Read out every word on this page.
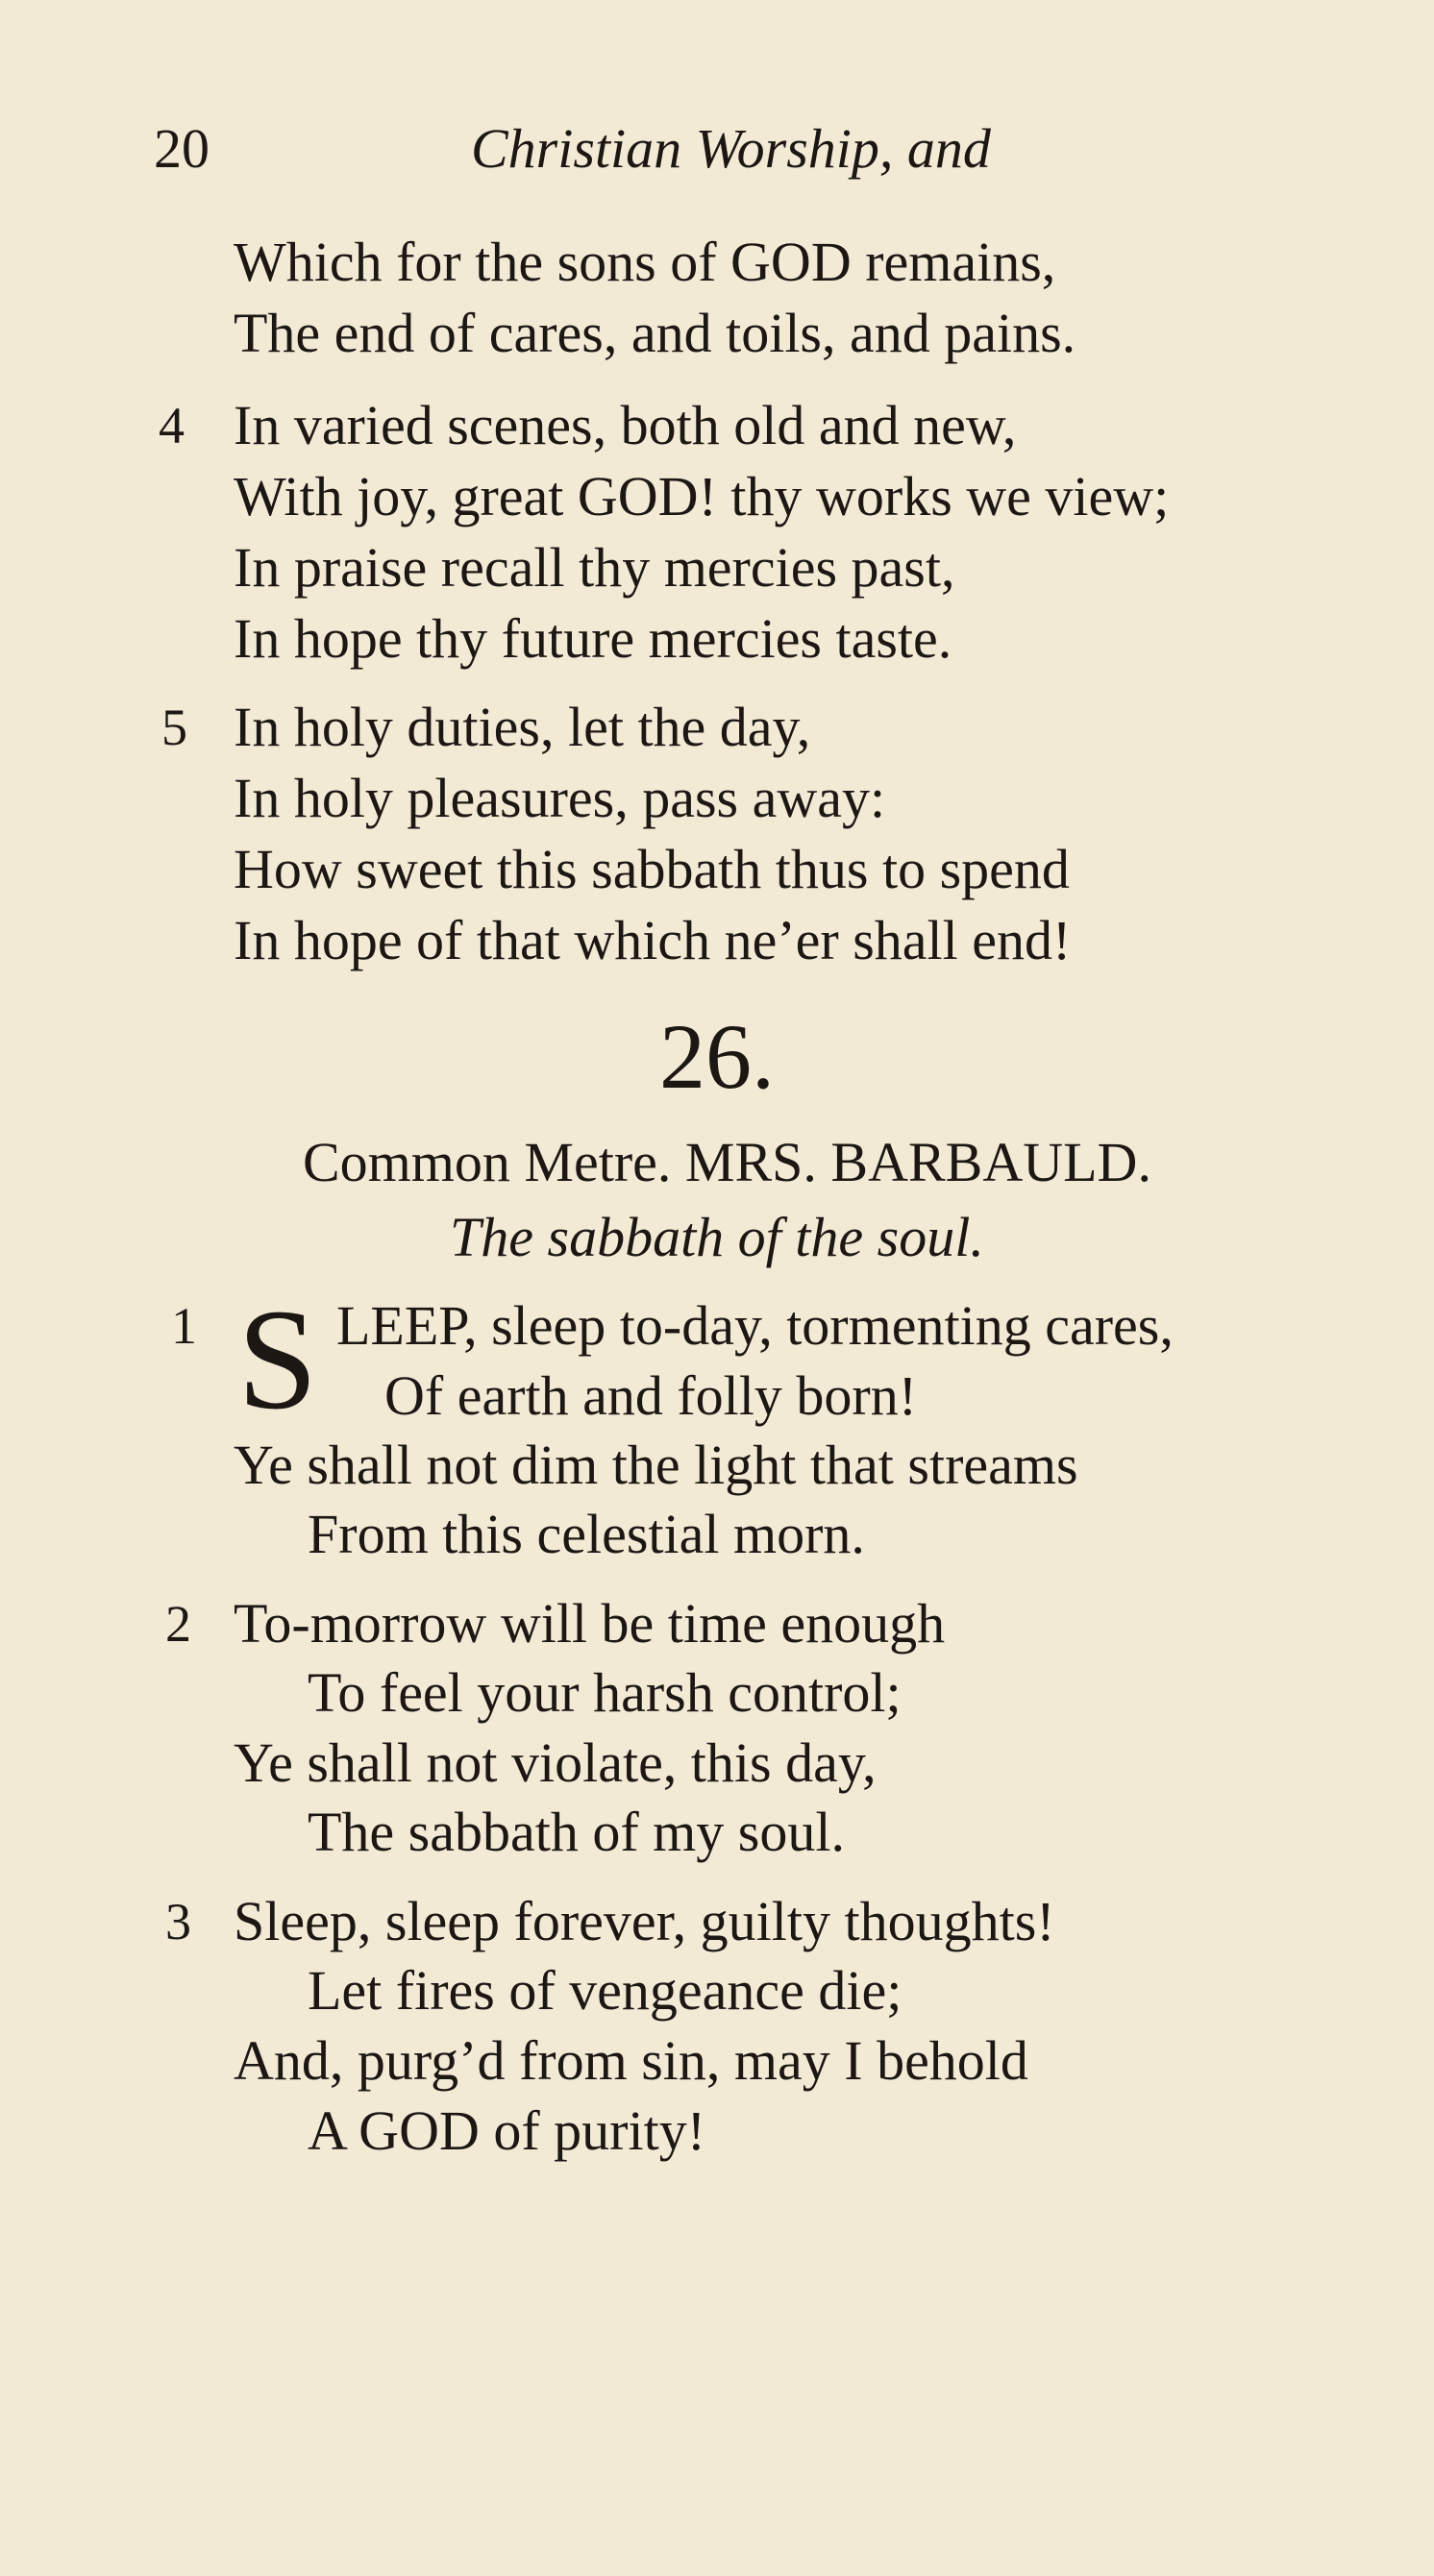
20	Christian Worship, and
Which for the sons of GOD remains,
The end of cares, and toils, and pains.
4 In varied scenes, both old and new,
With joy, great GOD! thy works we view;
In praise recall thy mercies past,
In hope thy future mercies taste.
5 In holy duties, let the day,
In holy pleasures, pass away:
How sweet this sabbath thus to spend
In hope of that which ne’er shall end!
26.
Common Metre. MRS. BARBAULD.
The sabbath of the soul.
1 S LEEP, sleep to-day, tormenting cares,
Of earth and folly born!
Ye shall not dim the light that streams
From this celestial morn.
2 To-morrow will be time enough
To feel your harsh control;
Ye shall not violate, this day,
The sabbath of my soul.
3 Sleep, sleep forever, guilty thoughts!
Let fires of vengeance die;
And, purg’d from sin, may I behold
A GOD of purity!
